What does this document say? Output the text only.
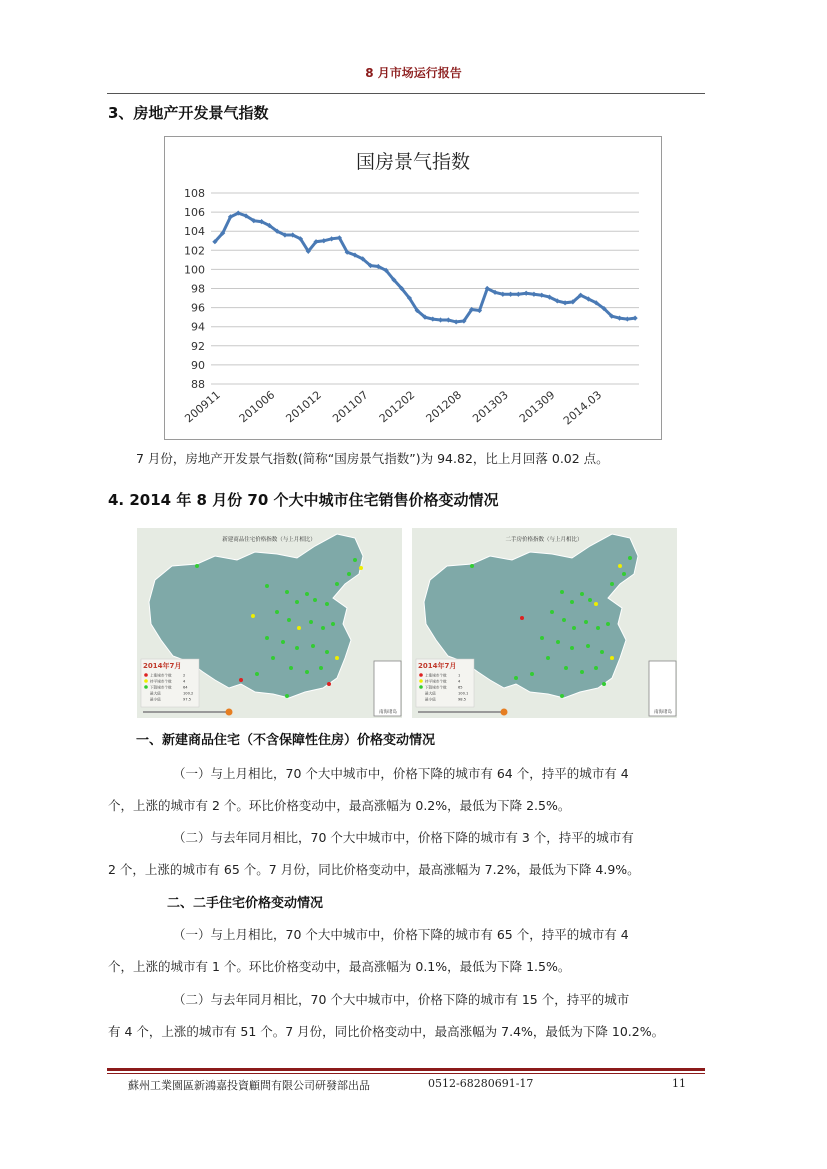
8 月市场运行报告
3、房地产开发景气指数
国房景气指数
108
106
104
102
100
98
96
94
92
90
88
200911 201006 201012 201107 201202 201208 201303 201309 2014.03
7 月份，房地产开发景气指数(简称“国房景气指数”)为 94.82，比上月回落 0.02 点。
4. 2014 年 8 月份 70 个大中城市住宅销售价格变动情况
新建商品住宅价格指数（与上月相比）
南海诸岛
2014年7月
上涨城市个数
持平城市个数
下降城市个数
最大值
最小值
2
4
64
100.2
97.5
二手房价格指数（与上月相比）
南海诸岛
2014年7月
上涨城市个数
持平城市个数
下降城市个数
最大值
最小值
1
4
65
100.1
98.5
一、新建商品住宅（不含保障性住房）价格变动情况
（一）与上月相比，70 个大中城市中，价格下降的城市有 64 个，持平的城市有 4
个，上涨的城市有 2 个。环比价格变动中，最高涨幅为 0.2%，最低为下降 2.5%。
（二）与去年同月相比，70 个大中城市中，价格下降的城市有 3 个，持平的城市有
2 个，上涨的城市有 65 个。7 月份，同比价格变动中，最高涨幅为 7.2%，最低为下降 4.9%。
二、二手住宅价格变动情况
（一）与上月相比，70 个大中城市中，价格下降的城市有 65 个，持平的城市有 4
个，上涨的城市有 1 个。环比价格变动中，最高涨幅为 0.1%，最低为下降 1.5%。
（二）与去年同月相比，70 个大中城市中，价格下降的城市有 15 个，持平的城市
有 4 个，上涨的城市有 51 个。7 月份，同比价格变动中，最高涨幅为 7.4%，最低为下降 10.2%。
蘇州工業園區新鴻嘉投資顧問有限公司研發部出品	0512-68280691-17	11
